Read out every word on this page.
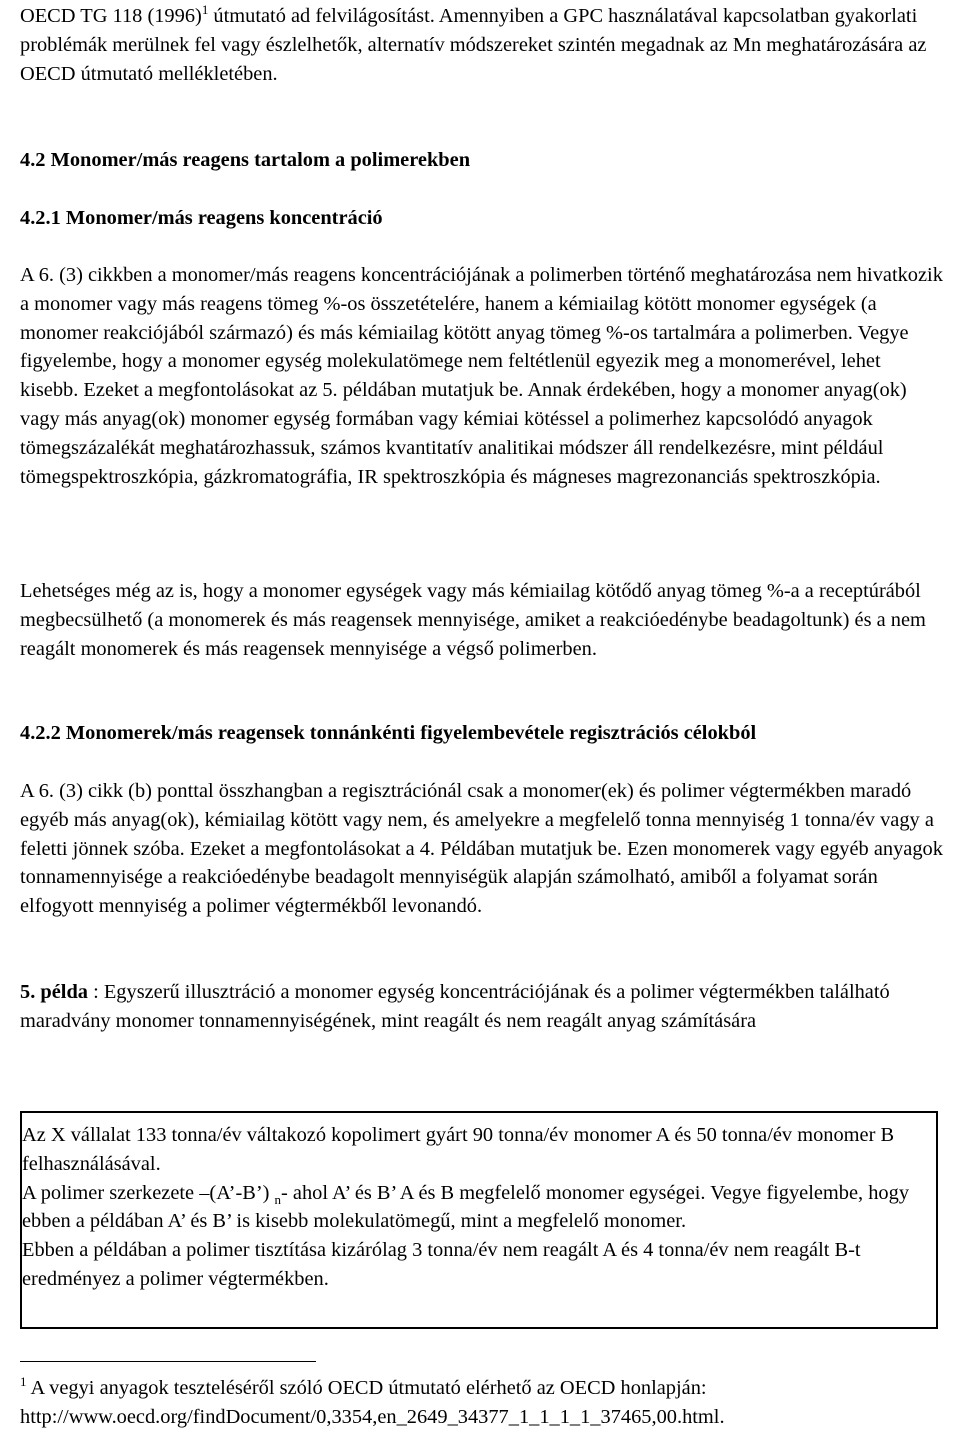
OECD TG 118 $(1996)^1$ útmutató ad felvilágosítást. Amennyiben a GPC használatával kapcsolatban gyakorlati problémák merülnek fel vagy észlelhetők, alternatív módszereket szintén megadnak az Mn meghatározására az OECD útmutató mellékletében.

4.2 Monomer/más reagens tartalom a polimerekben

4.2.1 Monomer/más reagens koncentráció

A 6. (3) cikkben a monomer/más reagens koncentrációjának a polimerben történő meghatározása nem hivatkozik a monomer vagy más reagens tömeg %-os összetételére, hanem a kémiailag kötött monomer egységek (a monomer reakciójából származó) és más kémiailag kötött anyag tömeg %-os tartalmára a polimerben. Vegye figyelembe, hogy a monomer egység molekulatömege nem feltétlenül egyezik meg a monomerével, lehet kisebb. Ezeket a megfontolásokat az 5. példában mutatjuk be. Annak érdekében, hogy a monomer anyag(ok) vagy más anyag(ok) monomer egység formában vagy kémiai kötéssel a polimerhez kapcsolódó anyagok tömegszázalékát meghatározhassuk, számos kvantitatív analitikai módszer áll rendelkezésre, mint például tömegspektroszkópia, gázkromatográfia, IR spektroszkópia és mágneses magrezonanciás spektroszkópia.

Lehetséges még az is, hogy a monomer egységek vagy más kémiailag kötődő anyag tömeg %-a a receptúrából megbecsülhető (a monomerek és más reagensek mennyisége, amiket a reakcióedénybe beadagoltunk) és a nem reagált monomerek és más reagensek mennyisége a végső polimerben.

4.2.2 Monomerek/más reagensek tonnánkénti figyelembevétele regisztrációs célokból

A 6. (3) cikk (b) ponttal összhangban a regisztrációnál csak a monomer(ek) és polimer végtermékben maradó egyéb más anyag(ok), kémiailag kötött vagy nem, és amelyekre a megfelelő tonna mennyiség 1 tonna/év vagy a feletti jönnek szóba. Ezeket a megfontolásokat a 4. Példában mutatjuk be. Ezen monomerek vagy egyéb anyagok tonnamennyisége a reakcióedénybe beadagolt mennyiségük alapján számolható, amiből a folyamat során elfogyott mennyiség a polimer végtermékből levonandó.

5. példa : Egyszerű illusztráció a monomer egység koncentrációjának és a polimer végtermékben található maradvány monomer tonnamennyiségének, mint reagált és nem reagált anyag számítására

Az X vállalat 133 tonna/év váltakozó kopolimert gyárt 90 tonna/év monomer A és 50 tonna/év monomer B felhasználásával.

A polimer szerkezete –(A’-B’) $_n$- ahol A’ és B’ A és B megfelelő monomer egységei. Vegye figyelembe, hogy ebben a példában A’ és B’ is kisebb molekulatömegű, mint a megfelelő monomer.

Ebben a példában a polimer tisztítása kizárólag 3 tonna/év nem reagált A és 4 tonna/év nem reagált B-t eredményez a polimer végtermékben.

$^1$ A vegyi anyagok teszteléséről szóló OECD útmutató elérhető az OECD honlapján: http://www.oecd.org/findDocument/0,3354,en_2649_34377_1_1_1_1_37465,00.html.
